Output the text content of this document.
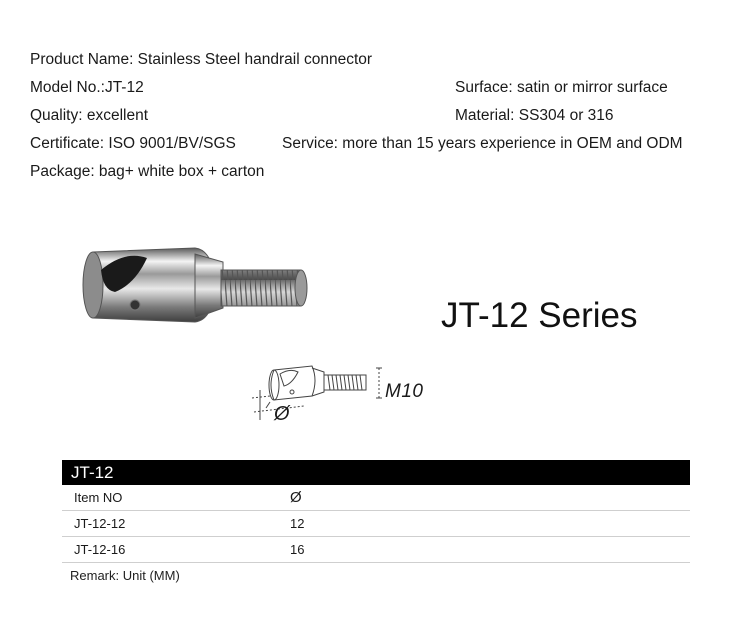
Product Name: Stainless Steel handrail connector
Model No.:JT-12	Surface: satin or mirror surface
Quality: excellent	Material: SS304 or 316
Certificate: ISO 9001/BV/SGS	Service: more than 15 years experience in OEM and ODM
Package: bag+ white box + carton
JT-12 Series
M10
Ø
JT-12
Item NO	Ø
JT-12-12	12
JT-12-16	16
Remark: Unit (MM)
